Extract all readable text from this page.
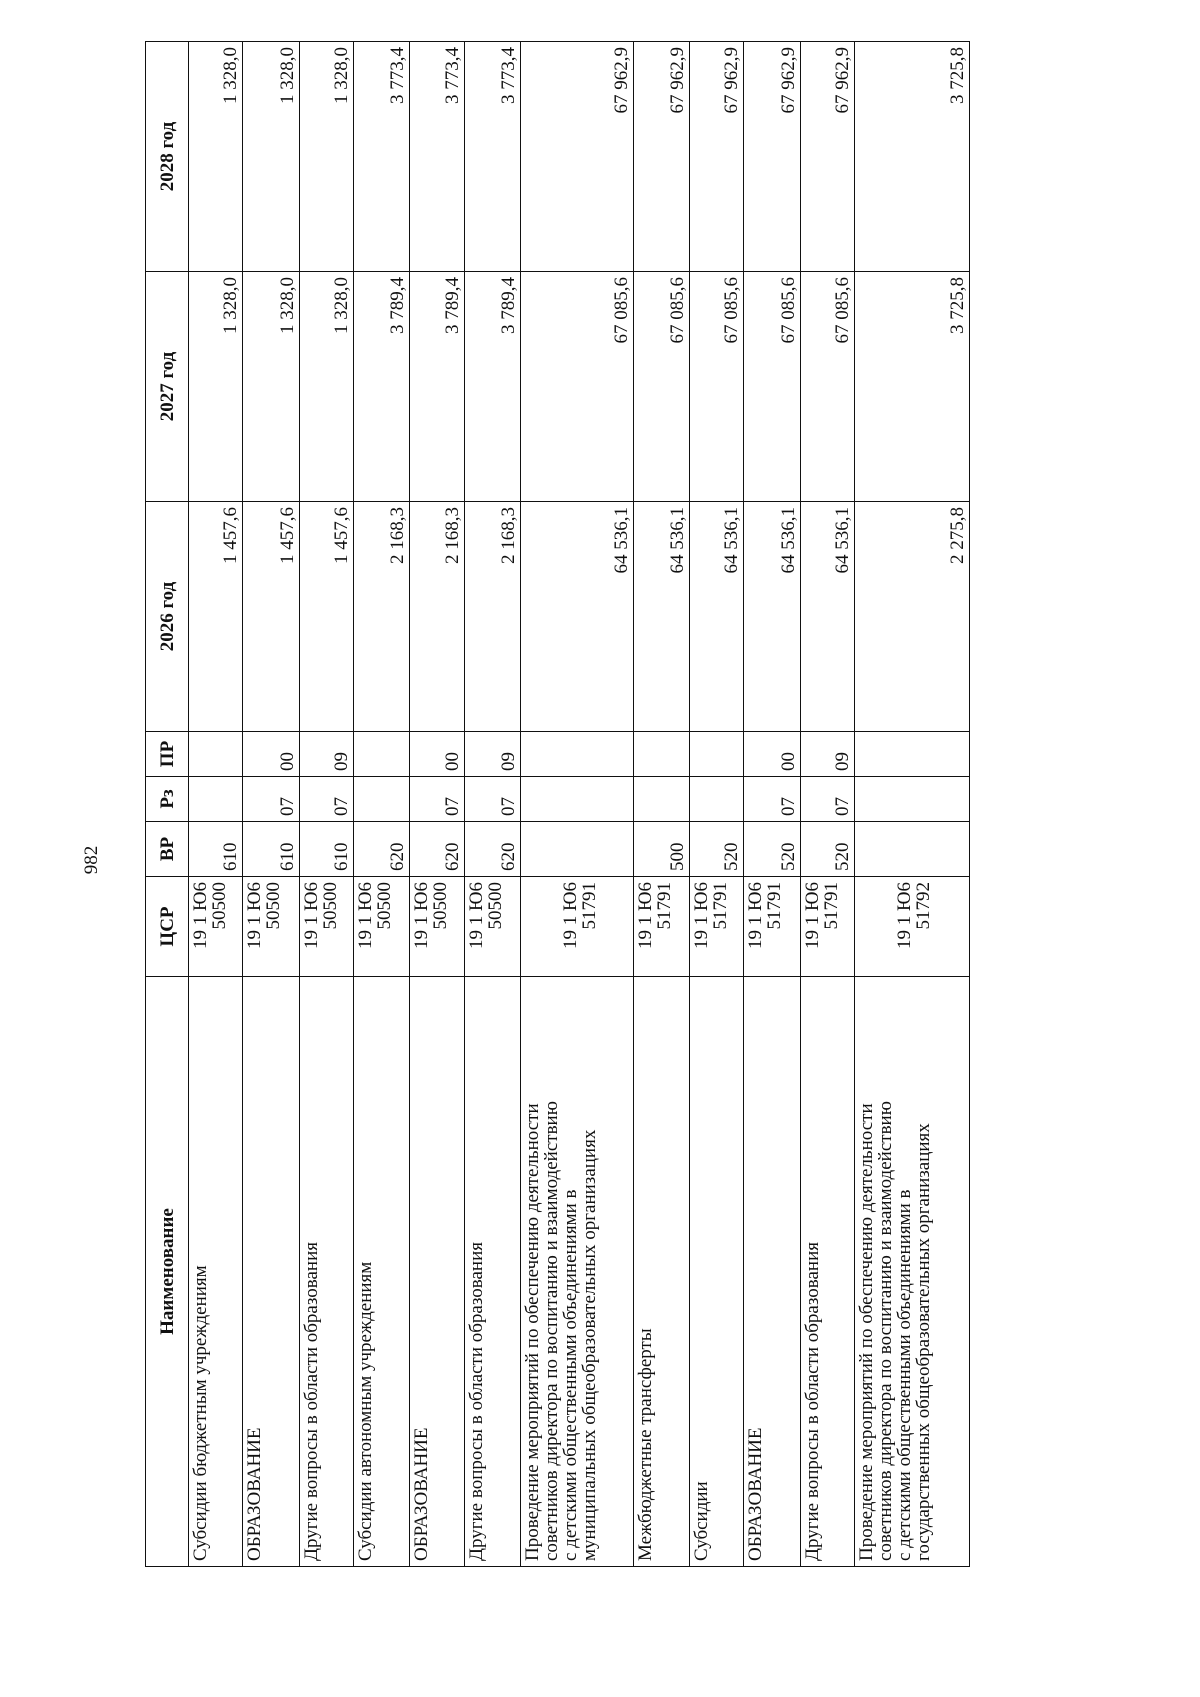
982
Наименование	ЦСР	ВР	Рз	ПР	2026 год	2027 год	2028 год

Субсидии бюджетным учреждениям	19 1 Ю6
50500	610			1 457,6	1 328,0	1 328,0

ОБРАЗОВАНИЕ	19 1 Ю6
50500	610	07	00	1 457,6	1 328,0	1 328,0

Другие вопросы в области образования	19 1 Ю6
50500	610	07	09	1 457,6	1 328,0	1 328,0

Субсидии автономным учреждениям	19 1 Ю6
50500	620			2 168,3	3 789,4	3 773,4

ОБРАЗОВАНИЕ	19 1 Ю6
50500	620	07	00	2 168,3	3 789,4	3 773,4

Другие вопросы в области образования	19 1 Ю6
50500	620	07	09	2 168,3	3 789,4	3 773,4

Проведение мероприятий по обеспечению деятельности
советников директора по воспитанию и взаимодействию
с детскими общественными объединениями в
муниципальных общеобразовательных организациях	19 1 Ю6
51791				64 536,1	67 085,6	67 962,9

Межбюджетные трансферты	19 1 Ю6
51791	500			64 536,1	67 085,6	67 962,9

Субсидии	19 1 Ю6
51791	520			64 536,1	67 085,6	67 962,9

ОБРАЗОВАНИЕ	19 1 Ю6
51791	520	07	00	64 536,1	67 085,6	67 962,9

Другие вопросы в области образования	19 1 Ю6
51791	520	07	09	64 536,1	67 085,6	67 962,9

Проведение мероприятий по обеспечению деятельности
советников директора по воспитанию и взаимодействию
с детскими общественными объединениями в
государственных общеобразовательных организациях	19 1 Ю6
51792				2 275,8	3 725,8	3 725,8
